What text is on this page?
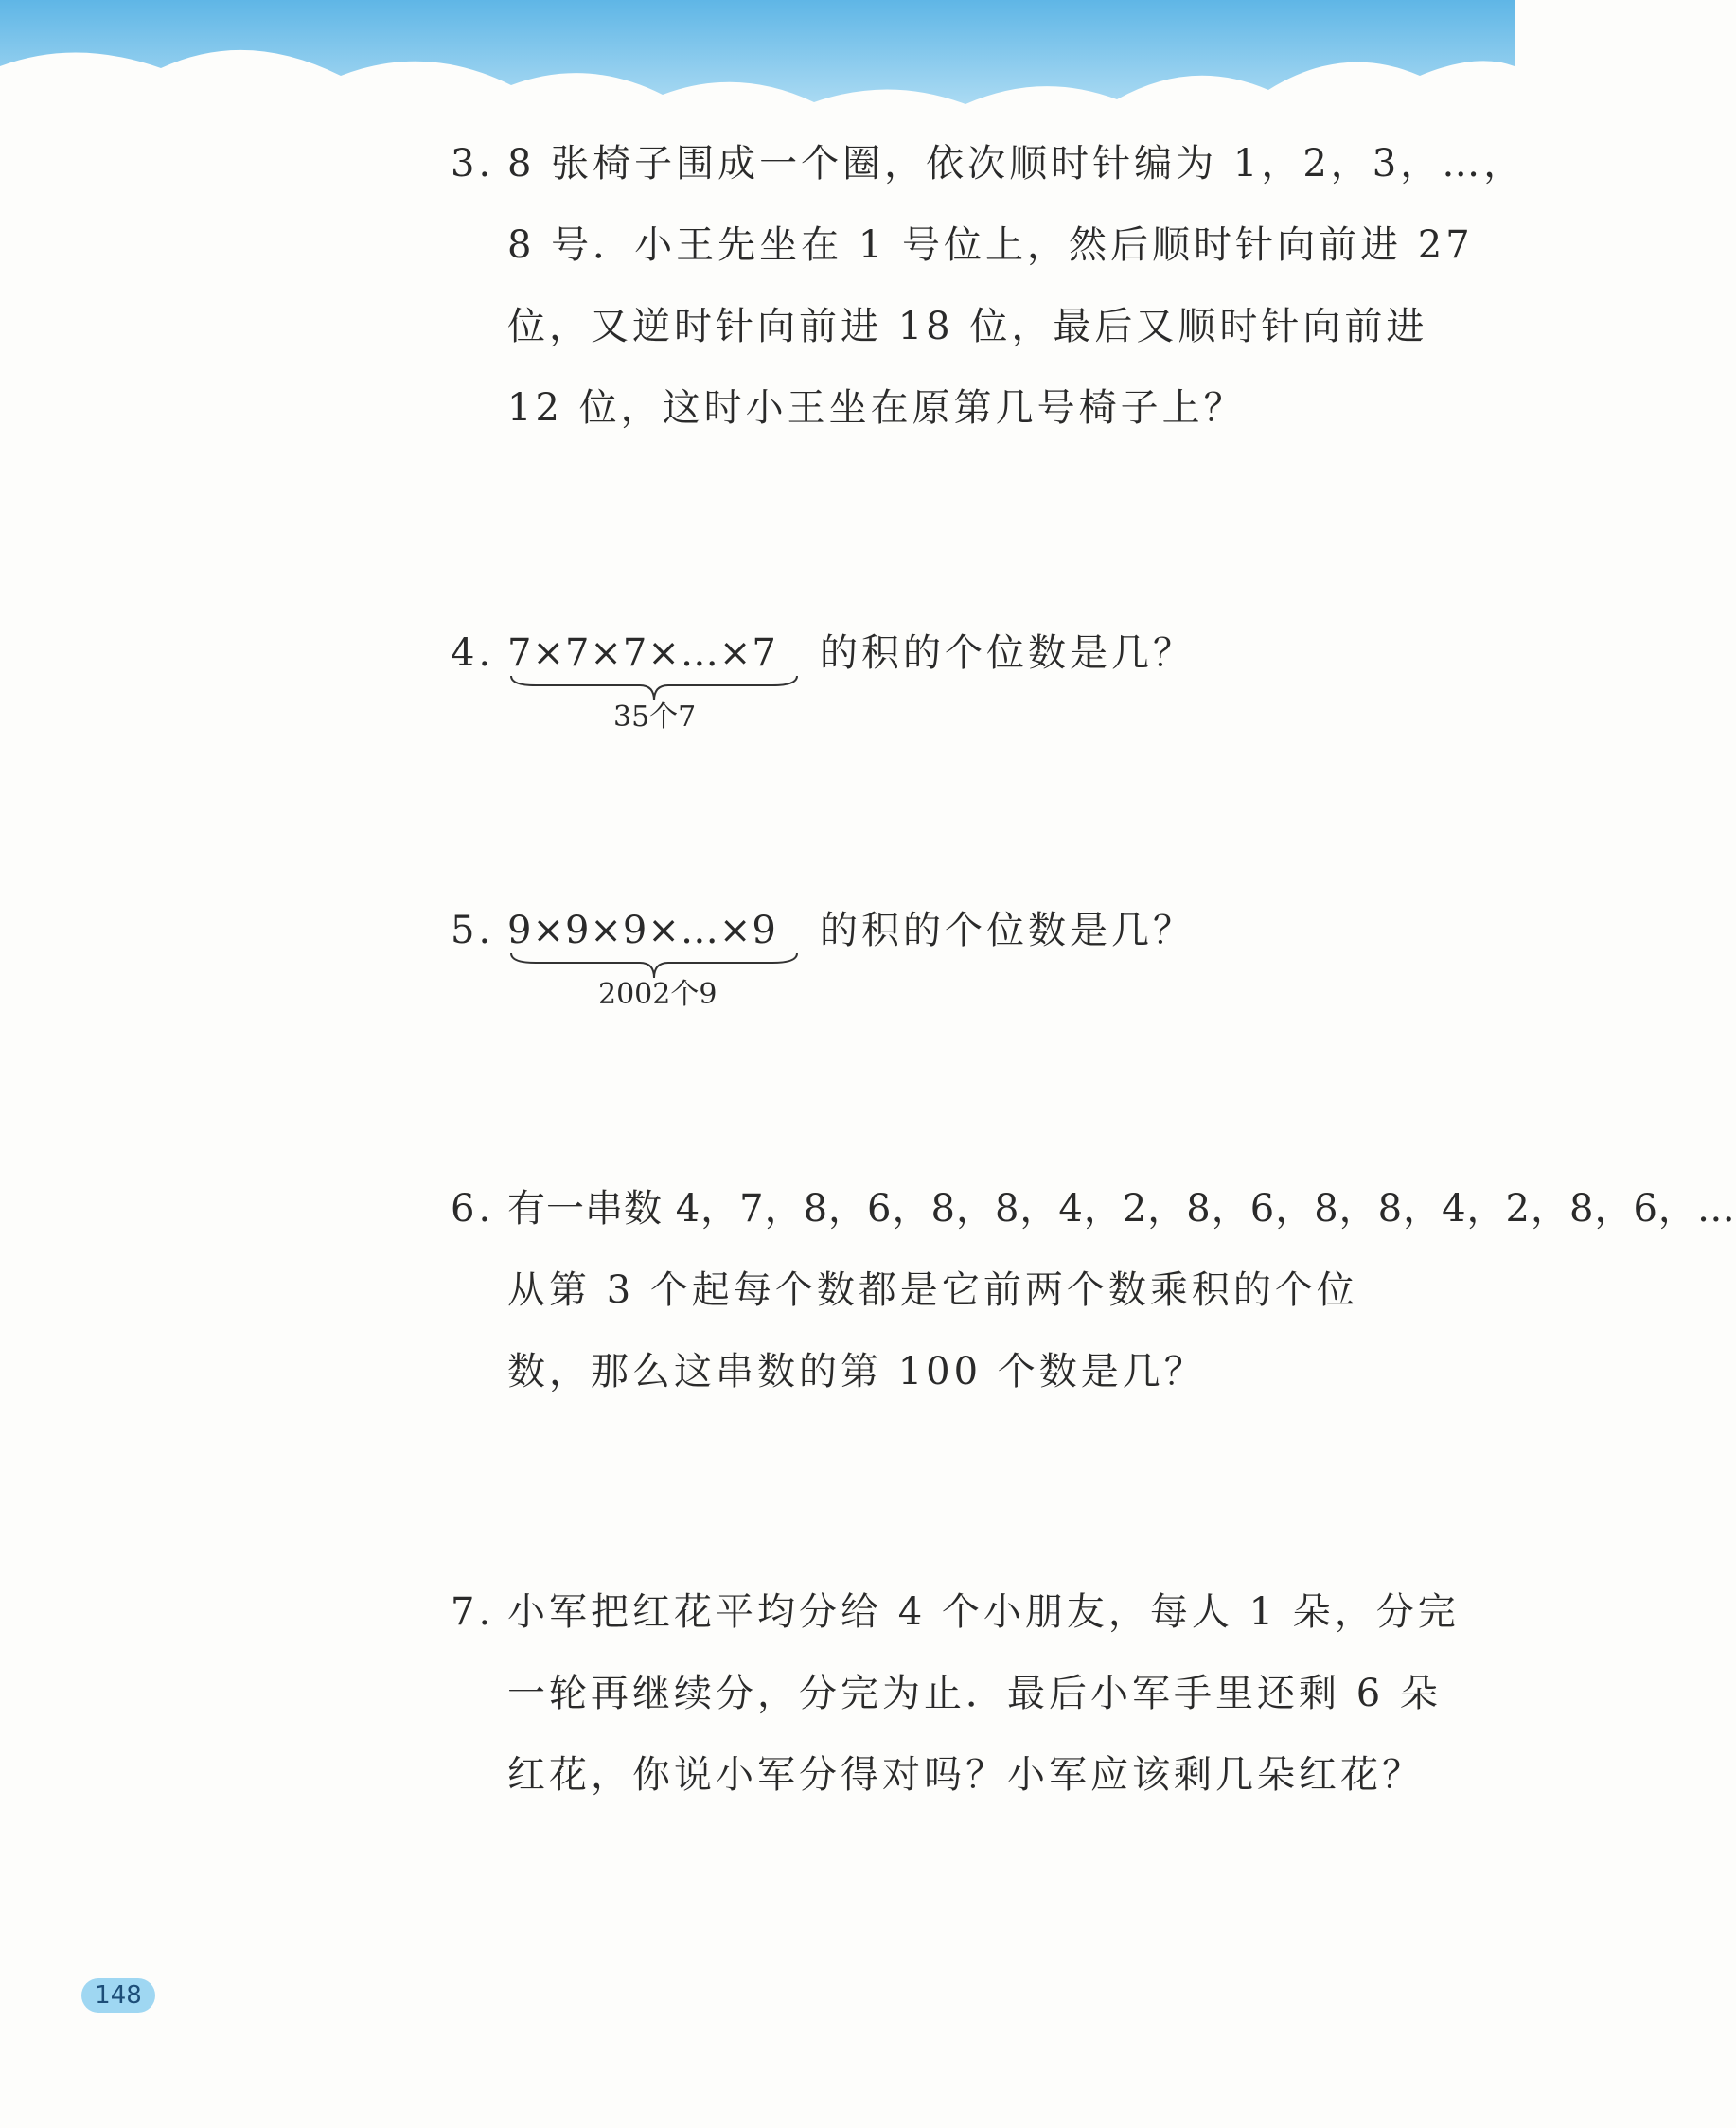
3. 8 张椅子围成一个圈，依次顺时针编为 1，2，3，…，
8 号．小王先坐在 1 号位上，然后顺时针向前进 27
位，又逆时针向前进 18 位，最后又顺时针向前进
12 位，这时小王坐在原第几号椅子上？
4. 7×7×7×…×7
35个7
的积的个位数是几？
5. 9×9×9×…×9
2002个9
的积的个位数是几？
6. 有一串数 4，7，8，6，8，8，4，2，8，6，8，8，4，2，8，6，…
从第 3 个起每个数都是它前两个数乘积的个位
数，那么这串数的第 100 个数是几？
7. 小军把红花平均分给 4 个小朋友，每人 1 朵，分完
一轮再继续分，分完为止．最后小军手里还剩 6 朵
红花，你说小军分得对吗？小军应该剩几朵红花？
148
